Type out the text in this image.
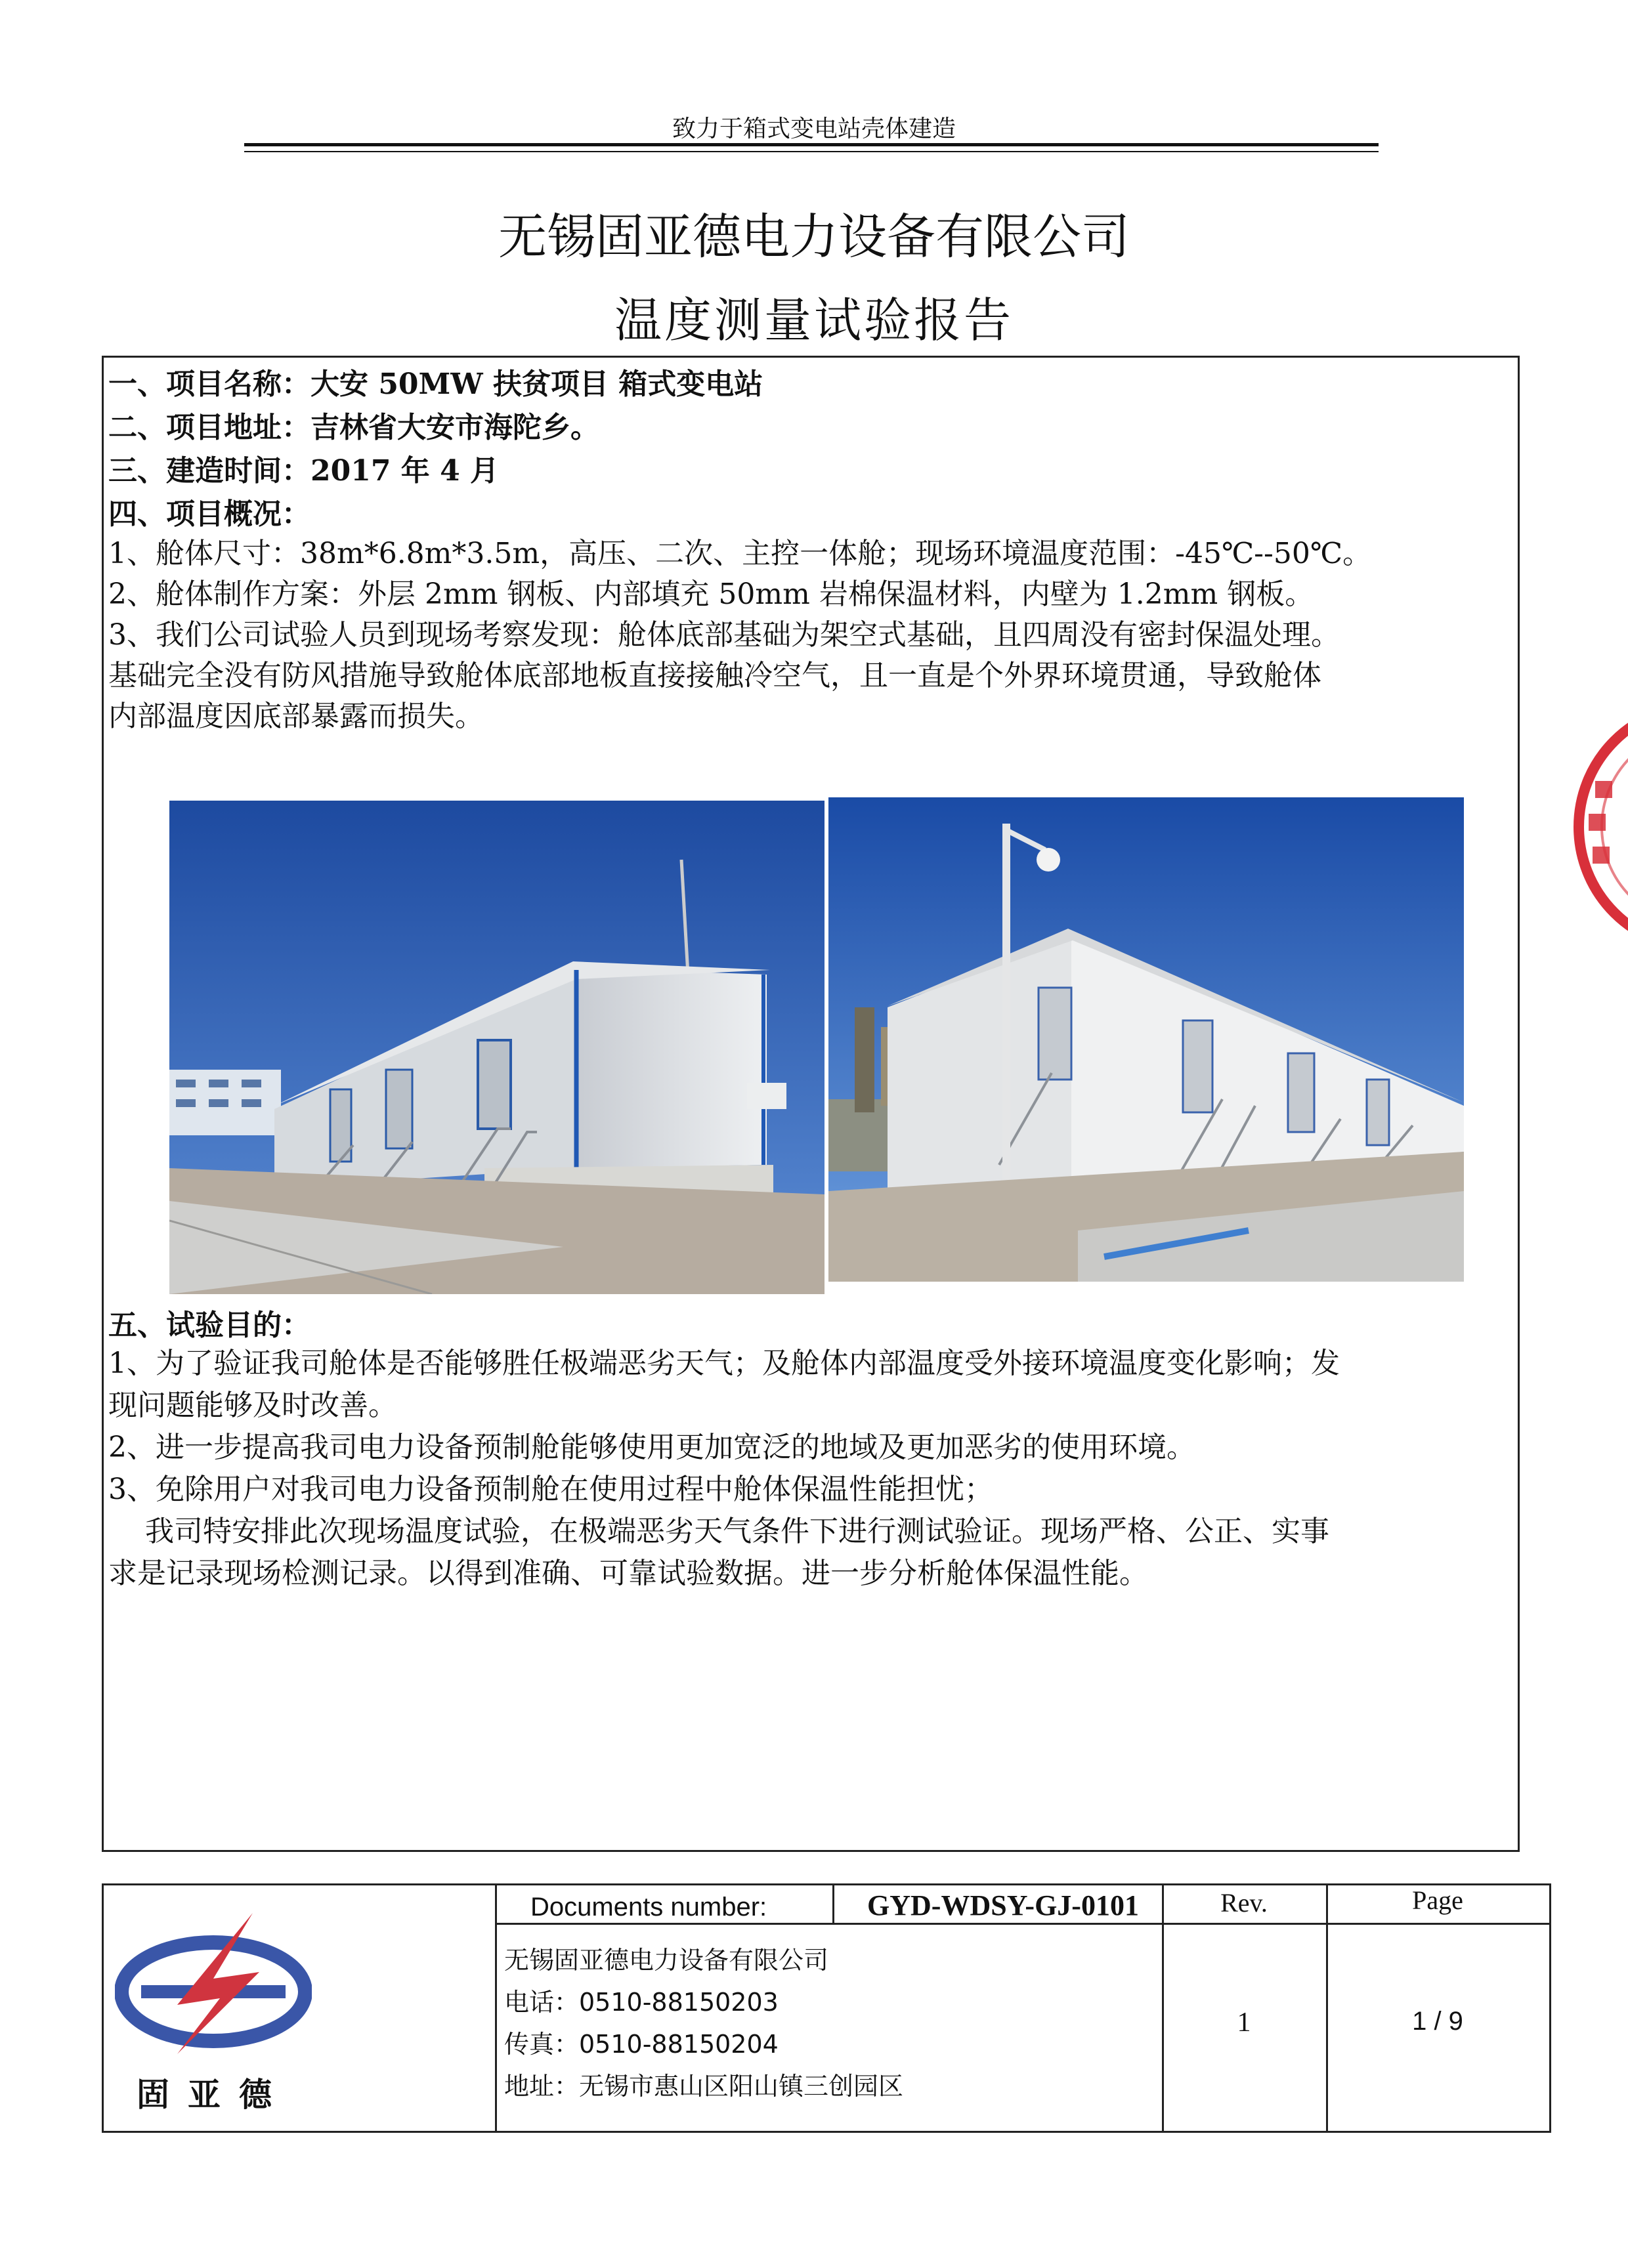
致力于箱式变电站壳体建造
无锡固亚德电力设备有限公司
温度测量试验报告
一、项目名称：大安 50MW 扶贫项目 箱式变电站
二、项目地址：吉林省大安市海陀乡。
三、建造时间：2017 年 4 月
四、项目概况：
1、舱体尺寸：38m*6.8m*3.5m，高压、二次、主控一体舱；现场环境温度范围：-45℃--50℃。
2、舱体制作方案：外层 2mm 钢板、内部填充 50mm 岩棉保温材料，内壁为 1.2mm 钢板。
3、我们公司试验人员到现场考察发现：舱体底部基础为架空式基础，且四周没有密封保温处理。
基础完全没有防风措施导致舱体底部地板直接接触冷空气，且一直是个外界环境贯通，导致舱体
内部温度因底部暴露而损失。
五、试验目的：
1、为了验证我司舱体是否能够胜任极端恶劣天气；及舱体内部温度受外接环境温度变化影响；发
现问题能够及时改善。
2、进一步提高我司电力设备预制舱能够使用更加宽泛的地域及更加恶劣的使用环境。
3、免除用户对我司电力设备预制舱在使用过程中舱体保温性能担忧；
我司特安排此次现场温度试验，在极端恶劣天气条件下进行测试验证。现场严格、公正、实事
求是记录现场检测记录。以得到准确、可靠试验数据。进一步分析舱体保温性能。
Documents number:	GYD-WDSY-GJ-0101	Rev.	Page
无锡固亚德电力设备有限公司
电话：0510-88150203
传真：0510-88150204
地址：无锡市惠山区阳山镇三创园区
1	1 / 9
固亚德
